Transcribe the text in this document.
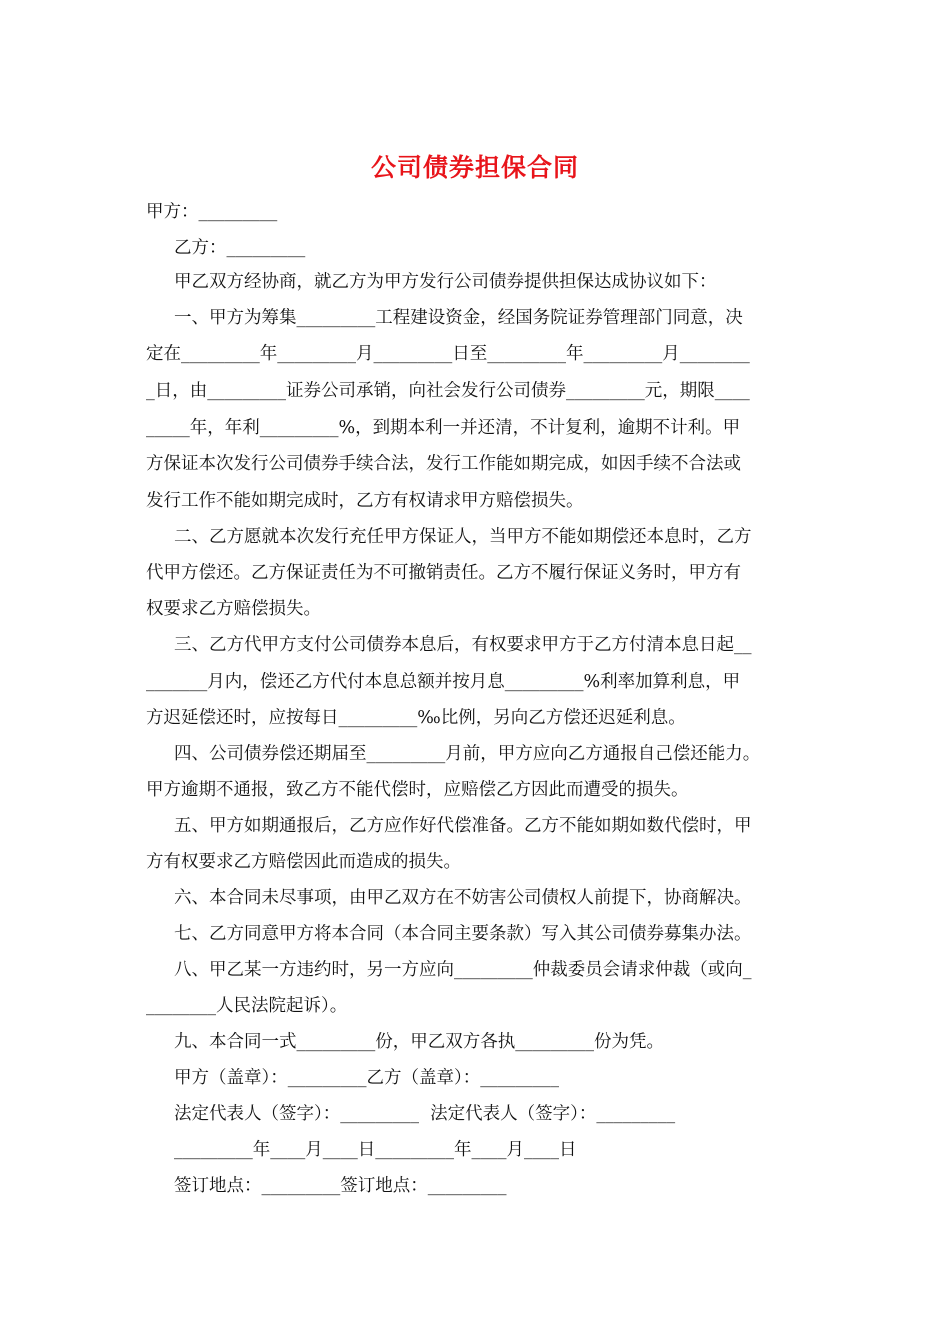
公司债券担保合同
甲方：_________
乙方：_________
甲乙双方经协商，就乙方为甲方发行公司债券提供担保达成协议如下：
一、甲方为筹集_________工程建设资金，经国务院证券管理部门同意，决
定在_________年_________月_________日至_________年_________月________
_日，由_________证券公司承销，向社会发行公司债券_________元，期限____
_____年，年利_________%，到期本利一并还清，不计复利，逾期不计利。甲
方保证本次发行公司债券手续合法，发行工作能如期完成，如因手续不合法或
发行工作不能如期完成时，乙方有权请求甲方赔偿损失。
二、乙方愿就本次发行充任甲方保证人，当甲方不能如期偿还本息时，乙方
代甲方偿还。乙方保证责任为不可撤销责任。乙方不履行保证义务时，甲方有
权要求乙方赔偿损失。
三、乙方代甲方支付公司债券本息后，有权要求甲方于乙方付清本息日起__
_______月内，偿还乙方代付本息总额并按月息_________%利率加算利息，甲
方迟延偿还时，应按每日_________‰比例，另向乙方偿还迟延利息。
四、公司债券偿还期届至_________月前，甲方应向乙方通报自己偿还能力。
甲方逾期不通报，致乙方不能代偿时，应赔偿乙方因此而遭受的损失。
五、甲方如期通报后，乙方应作好代偿准备。乙方不能如期如数代偿时，甲
方有权要求乙方赔偿因此而造成的损失。
六、本合同未尽事项，由甲乙双方在不妨害公司债权人前提下，协商解决。
七、乙方同意甲方将本合同（本合同主要条款）写入其公司债券募集办法。
八、甲乙某一方违约时，另一方应向_________仲裁委员会请求仲裁（或向_
________人民法院起诉）。
九、本合同一式_________份，甲乙双方各执_________份为凭。
甲方（盖章）：_________乙方（盖章）：_________
法定代表人（签字）：_________  法定代表人（签字）：_________
_________年____月____日_________年____月____日
签订地点：_________签订地点：_________
